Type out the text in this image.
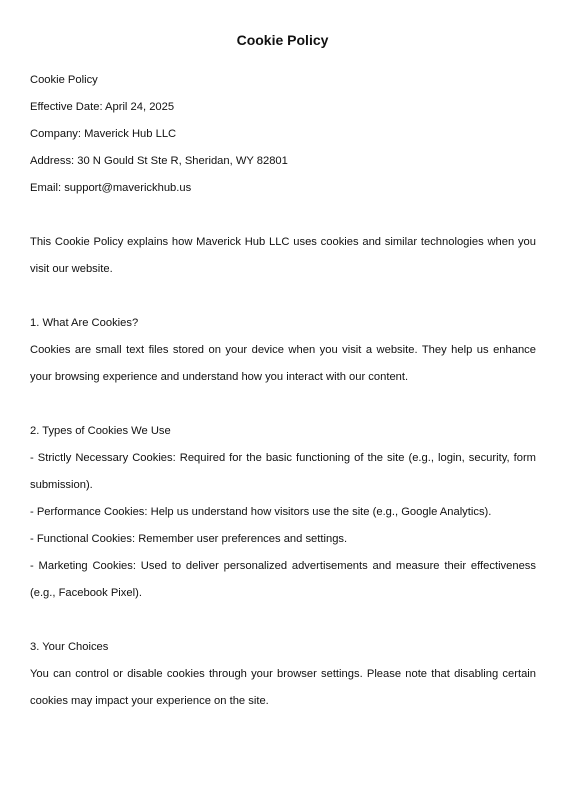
Cookie Policy
Cookie Policy
Effective Date: April 24, 2025
Company: Maverick Hub LLC
Address: 30 N Gould St Ste R, Sheridan, WY 82801
Email: support@maverickhub.us
This Cookie Policy explains how Maverick Hub LLC uses cookies and similar technologies when you
visit our website.
1. What Are Cookies?
Cookies are small text files stored on your device when you visit a website. They help us enhance
your browsing experience and understand how you interact with our content.
2. Types of Cookies We Use
- Strictly Necessary Cookies: Required for the basic functioning of the site (e.g., login, security, form
submission).
- Performance Cookies: Help us understand how visitors use the site (e.g., Google Analytics).
- Functional Cookies: Remember user preferences and settings.
- Marketing Cookies: Used to deliver personalized advertisements and measure their effectiveness
(e.g., Facebook Pixel).
3. Your Choices
You can control or disable cookies through your browser settings. Please note that disabling certain
cookies may impact your experience on the site.
